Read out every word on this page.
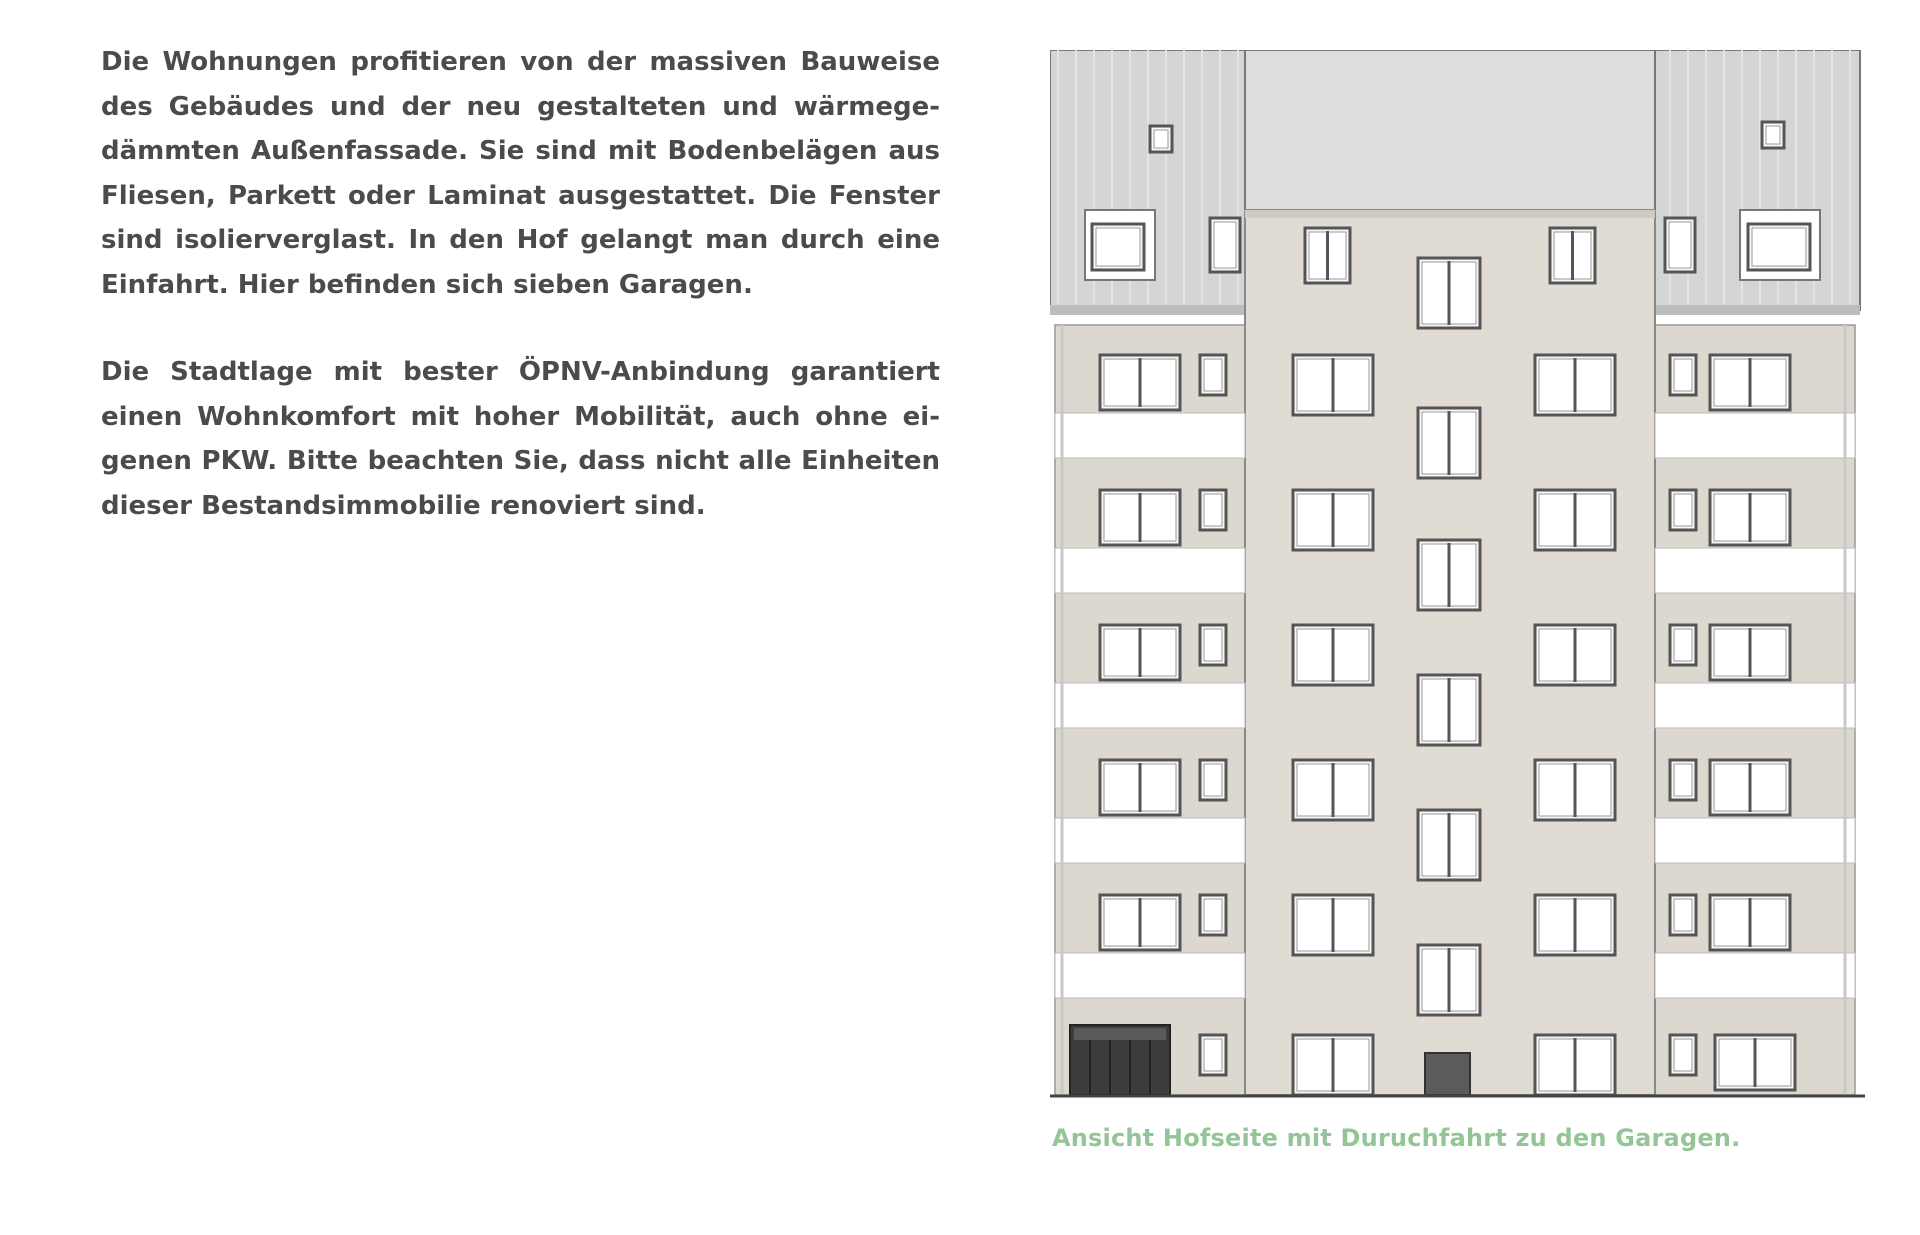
Die Wohnungen profitieren von der massiven Bauweise des Gebäudes und der neu gestalteten und wärmegedämmten Außenfassade. Sie sind mit Bodenbelägen aus Fliesen, Parkett oder Laminat ausgestattet. Die Fenster sind isolierverglast. In den Hof gelangt man durch eine Einfahrt. Hier befinden sich sieben Garagen.

Die Stadtlage mit bester ÖPNV-Anbindung garantiert einen Wohnkomfort mit hoher Mobilität, auch ohne eigenen PKW. Bitte beachten Sie, dass nicht alle Einheiten dieser Bestandsimmobilie renoviert sind.

Ansicht Hofseite mit Duruchfahrt zu den Garagen.
